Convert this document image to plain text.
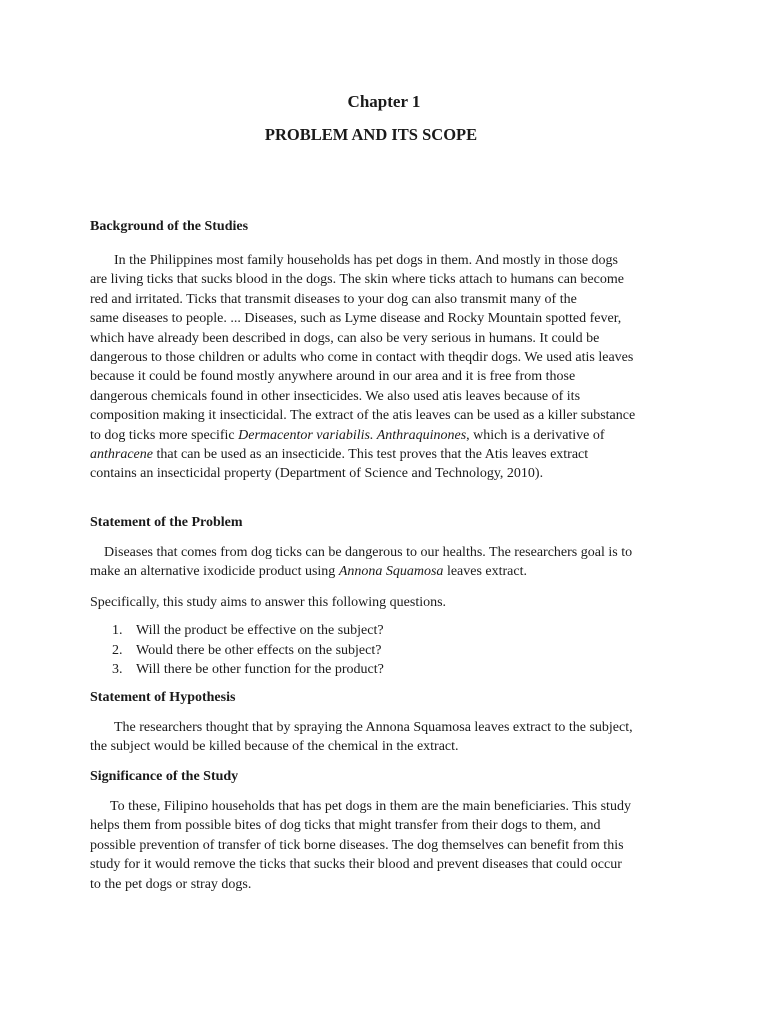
Chapter 1
PROBLEM AND ITS SCOPE
Background of the Studies
In the Philippines most family households has pet dogs in them. And mostly in those dogs
are living ticks that sucks blood in the dogs. The skin where ticks attach to humans can become
red and irritated. Ticks that transmit diseases to your dog can also transmit many of the
same diseases to people. ... Diseases, such as Lyme disease and Rocky Mountain spotted fever,
which have already been described in dogs, can also be very serious in humans. It could be
dangerous to those children or adults who come in contact with theqdir dogs. We used atis leaves
because it could be found mostly anywhere around in our area and it is free from those
dangerous chemicals found in other insecticides. We also used atis leaves because of its
composition making it insecticidal. The extract of the atis leaves can be used as a killer substance
to dog ticks more specific Dermacentor variabilis. Anthraquinones, which is a derivative of
anthracene that can be used as an insecticide. This test proves that the Atis leaves extract
contains an insecticidal property (Department of Science and Technology, 2010).
Statement of the Problem
Diseases that comes from dog ticks can be dangerous to our healths. The researchers goal is to
make an alternative ixodicide product using Annona Squamosa leaves extract.
Specifically, this study aims to answer this following questions.
1. Will the product be effective on the subject?
2. Would there be other effects on the subject?
3. Will there be other function for the product?
Statement of Hypothesis
The researchers thought that by spraying the Annona Squamosa leaves extract to the subject,
the subject would be killed because of the chemical in the extract.
Significance of the Study
To these, Filipino households that has pet dogs in them are the main beneficiaries. This study
helps them from possible bites of dog ticks that might transfer from their dogs to them, and
possible prevention of transfer of tick borne diseases. The dog themselves can benefit from this
study for it would remove the ticks that sucks their blood and prevent diseases that could occur
to the pet dogs or stray dogs.
